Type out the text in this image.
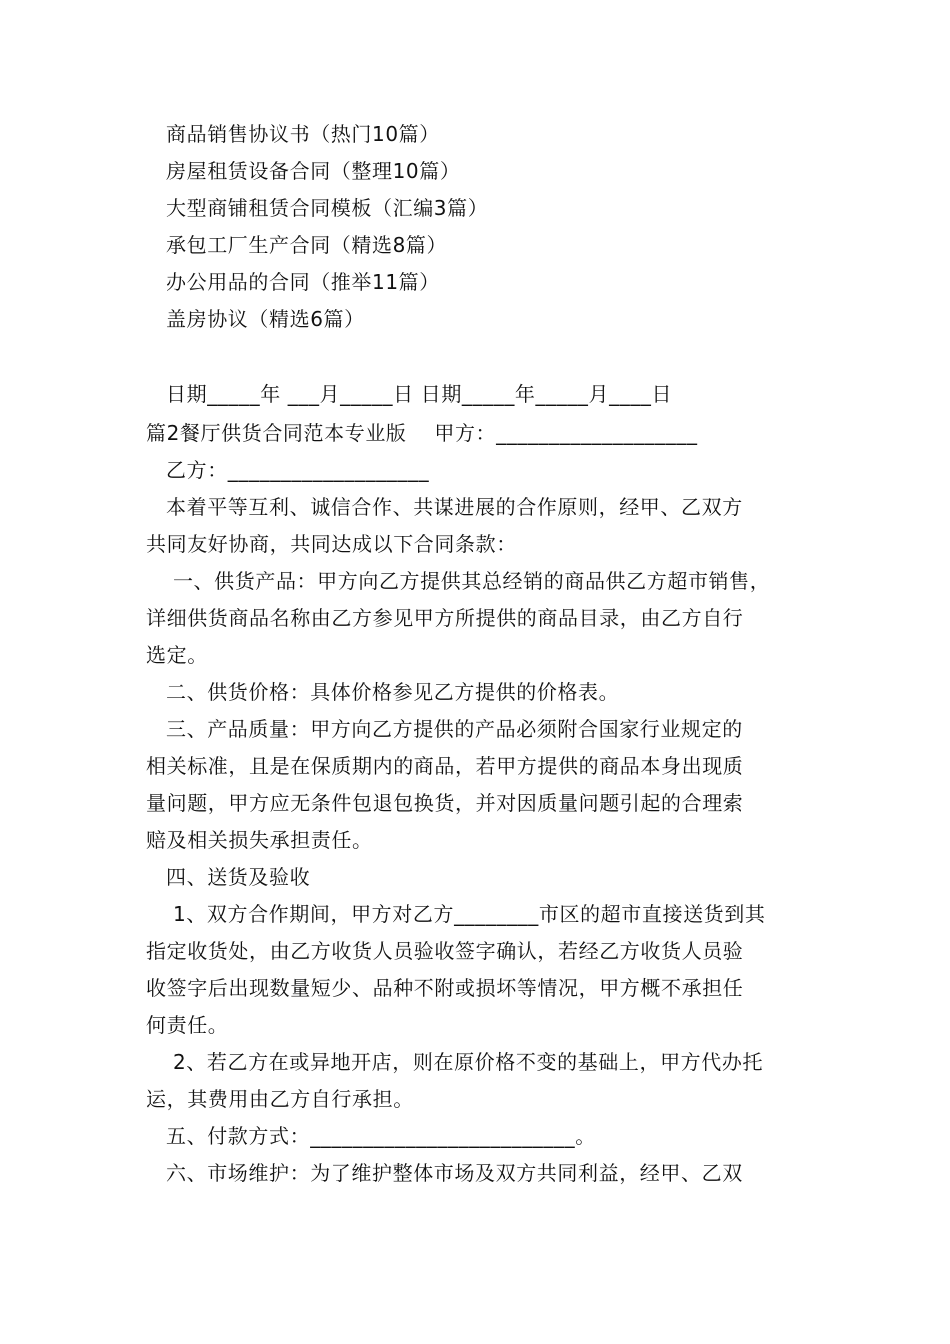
商品销售协议书（热门10篇）
房屋租赁设备合同（整理10篇）
大型商铺租赁合同模板（汇编3篇）
承包工厂生产合同（精选8篇）
办公用品的合同（推举11篇）
盖房协议（精选6篇）
日期_____年 ___月_____日 日期_____年_____月____日
篇2餐厅供货合同范本专业版    甲方：___________________
乙方：___________________
本着平等互利、诚信合作、共谋进展的合作原则，经甲、乙双方
共同友好协商，共同达成以下合同条款：
一、供货产品：甲方向乙方提供其总经销的商品供乙方超市销售，
详细供货商品名称由乙方参见甲方所提供的商品目录，由乙方自行
选定。
二、供货价格：具体价格参见乙方提供的价格表。
三、产品质量：甲方向乙方提供的产品必须附合国家行业规定的
相关标准，且是在保质期内的商品，若甲方提供的商品本身出现质
量问题，甲方应无条件包退包换货，并对因质量问题引起的合理索
赔及相关损失承担责任。
四、送货及验收
1、双方合作期间，甲方对乙方________市区的超市直接送货到其
指定收货处，由乙方收货人员验收签字确认，若经乙方收货人员验
收签字后出现数量短少、品种不附或损坏等情况，甲方概不承担任
何责任。
2、若乙方在或异地开店，则在原价格不变的基础上，甲方代办托
运，其费用由乙方自行承担。
五、付款方式：_________________________。
六、市场维护：为了维护整体市场及双方共同利益，经甲、乙双
